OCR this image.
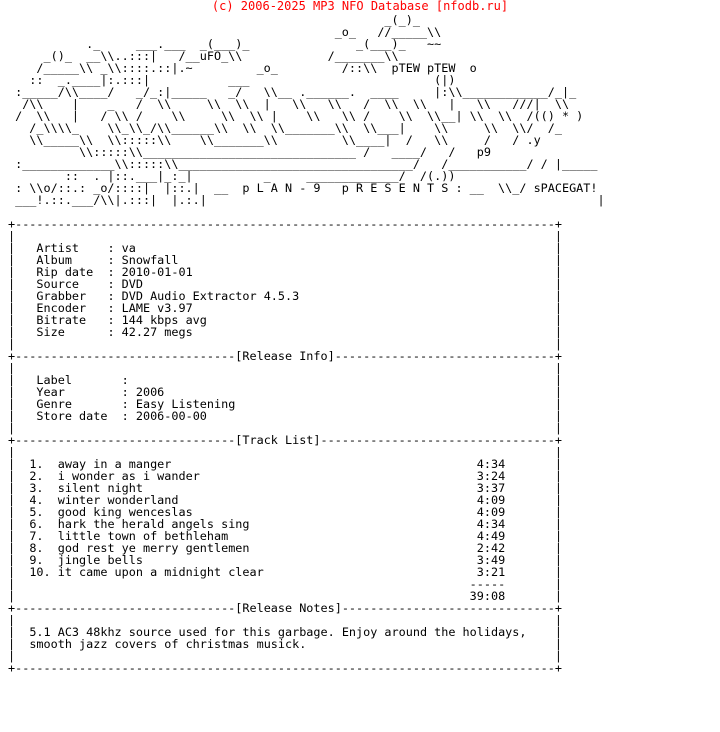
(c) 2006-2025 MP3 NFO Database [nfodb.ru]
_(_)_
_o_   //_____\\
._     ___.___  _(___)_               _(___)_   ~~
_()_  __\\..:::|   /__uFO_\\            /_______\\
/_____\\ _\\::::.::|.~         _o_         /::\\  pTEW pTEW  o
::  _.____|:.:::|           ___                          (|)
:_____/\\____/   _/_:|_____   _/   \\__ .______.  ____     |:\\____________/_|_
/\\    |    _   /  \\     \\  \\  |   \\   \\   /  \\  \\   |   \\   ///|  \\
/  \\   |   / \\ /    \\     \\  \\ |    \\   \\ /    \\  \\__| \\  \\  /(() * )
/_\\\\_    \\_\\_/\\______\\  \\  \\_______\\  \\___|    \\     \\  \\/  /_
\\_____\\  \\:::::\\    \\_______\\         \\____|  /   \\     /   / .y
\\:::::\\______________________________ /   ____/   /   p9
:_____________\\:::::\\_________________________________/   /___________/ / |_____
::  . |::.___|_:_|          _     _____________/  /(.))
: \\o/::.: _o/::::|  |::.|  __  p L A N - 9   p R E S E N T S : __  \\_/ sPACEGAT!
___!.::.___/\\|.:::|  |.:.|                                                       |
+----------------------------------------------------------------------------+
|                                                                            |
|   Artist    : va                                                           |
|   Album     : Snowfall                                                     |
|   Rip date  : 2010-01-01                                                   |
|   Source    : DVD                                                          |
|   Grabber   : DVD Audio Extractor 4.5.3                                    |
|   Encoder   : LAME v3.97                                                   |
|   Bitrate   : 144 kbps avg                                                 |
|   Size      : 42.27 megs                                                   |
|                                                                            |
+-------------------------------[Release Info]-------------------------------+
|                                                                            |
|   Label       :                                                            |
|   Year        : 2006                                                       |
|   Genre       : Easy Listening                                             |
|   Store date  : 2006-00-00                                                 |
|                                                                            |
+-------------------------------[Track List]---------------------------------+
|                                                                            |
|  1. away in a manger	4:34       |
|  2. i wonder as i wander	3:24       |
|  3. silent night	3:37       |
|  4. winter wonderland	4:09       |
|  5. good king wenceslas	4:09       |
|  6. hark the herald angels sing	4:34       |
|  7. little town of bethleham	4:49       |
|  8. god rest ye merry gentlemen	2:42       |
|  9. jingle bells	3:49       |
|  10. it came upon a midnight clear	3:21       |
|                                                                -----       |
|                                                                39:08       |
+-------------------------------[Release Notes]------------------------------+
|                                                                            |
|  5.1 AC3 48khz source used for this garbage. Enjoy around the holidays,    |
|  smooth jazz covers of christmas musick.                                   |
|                                                                            |
+----------------------------------------------------------------------------+
